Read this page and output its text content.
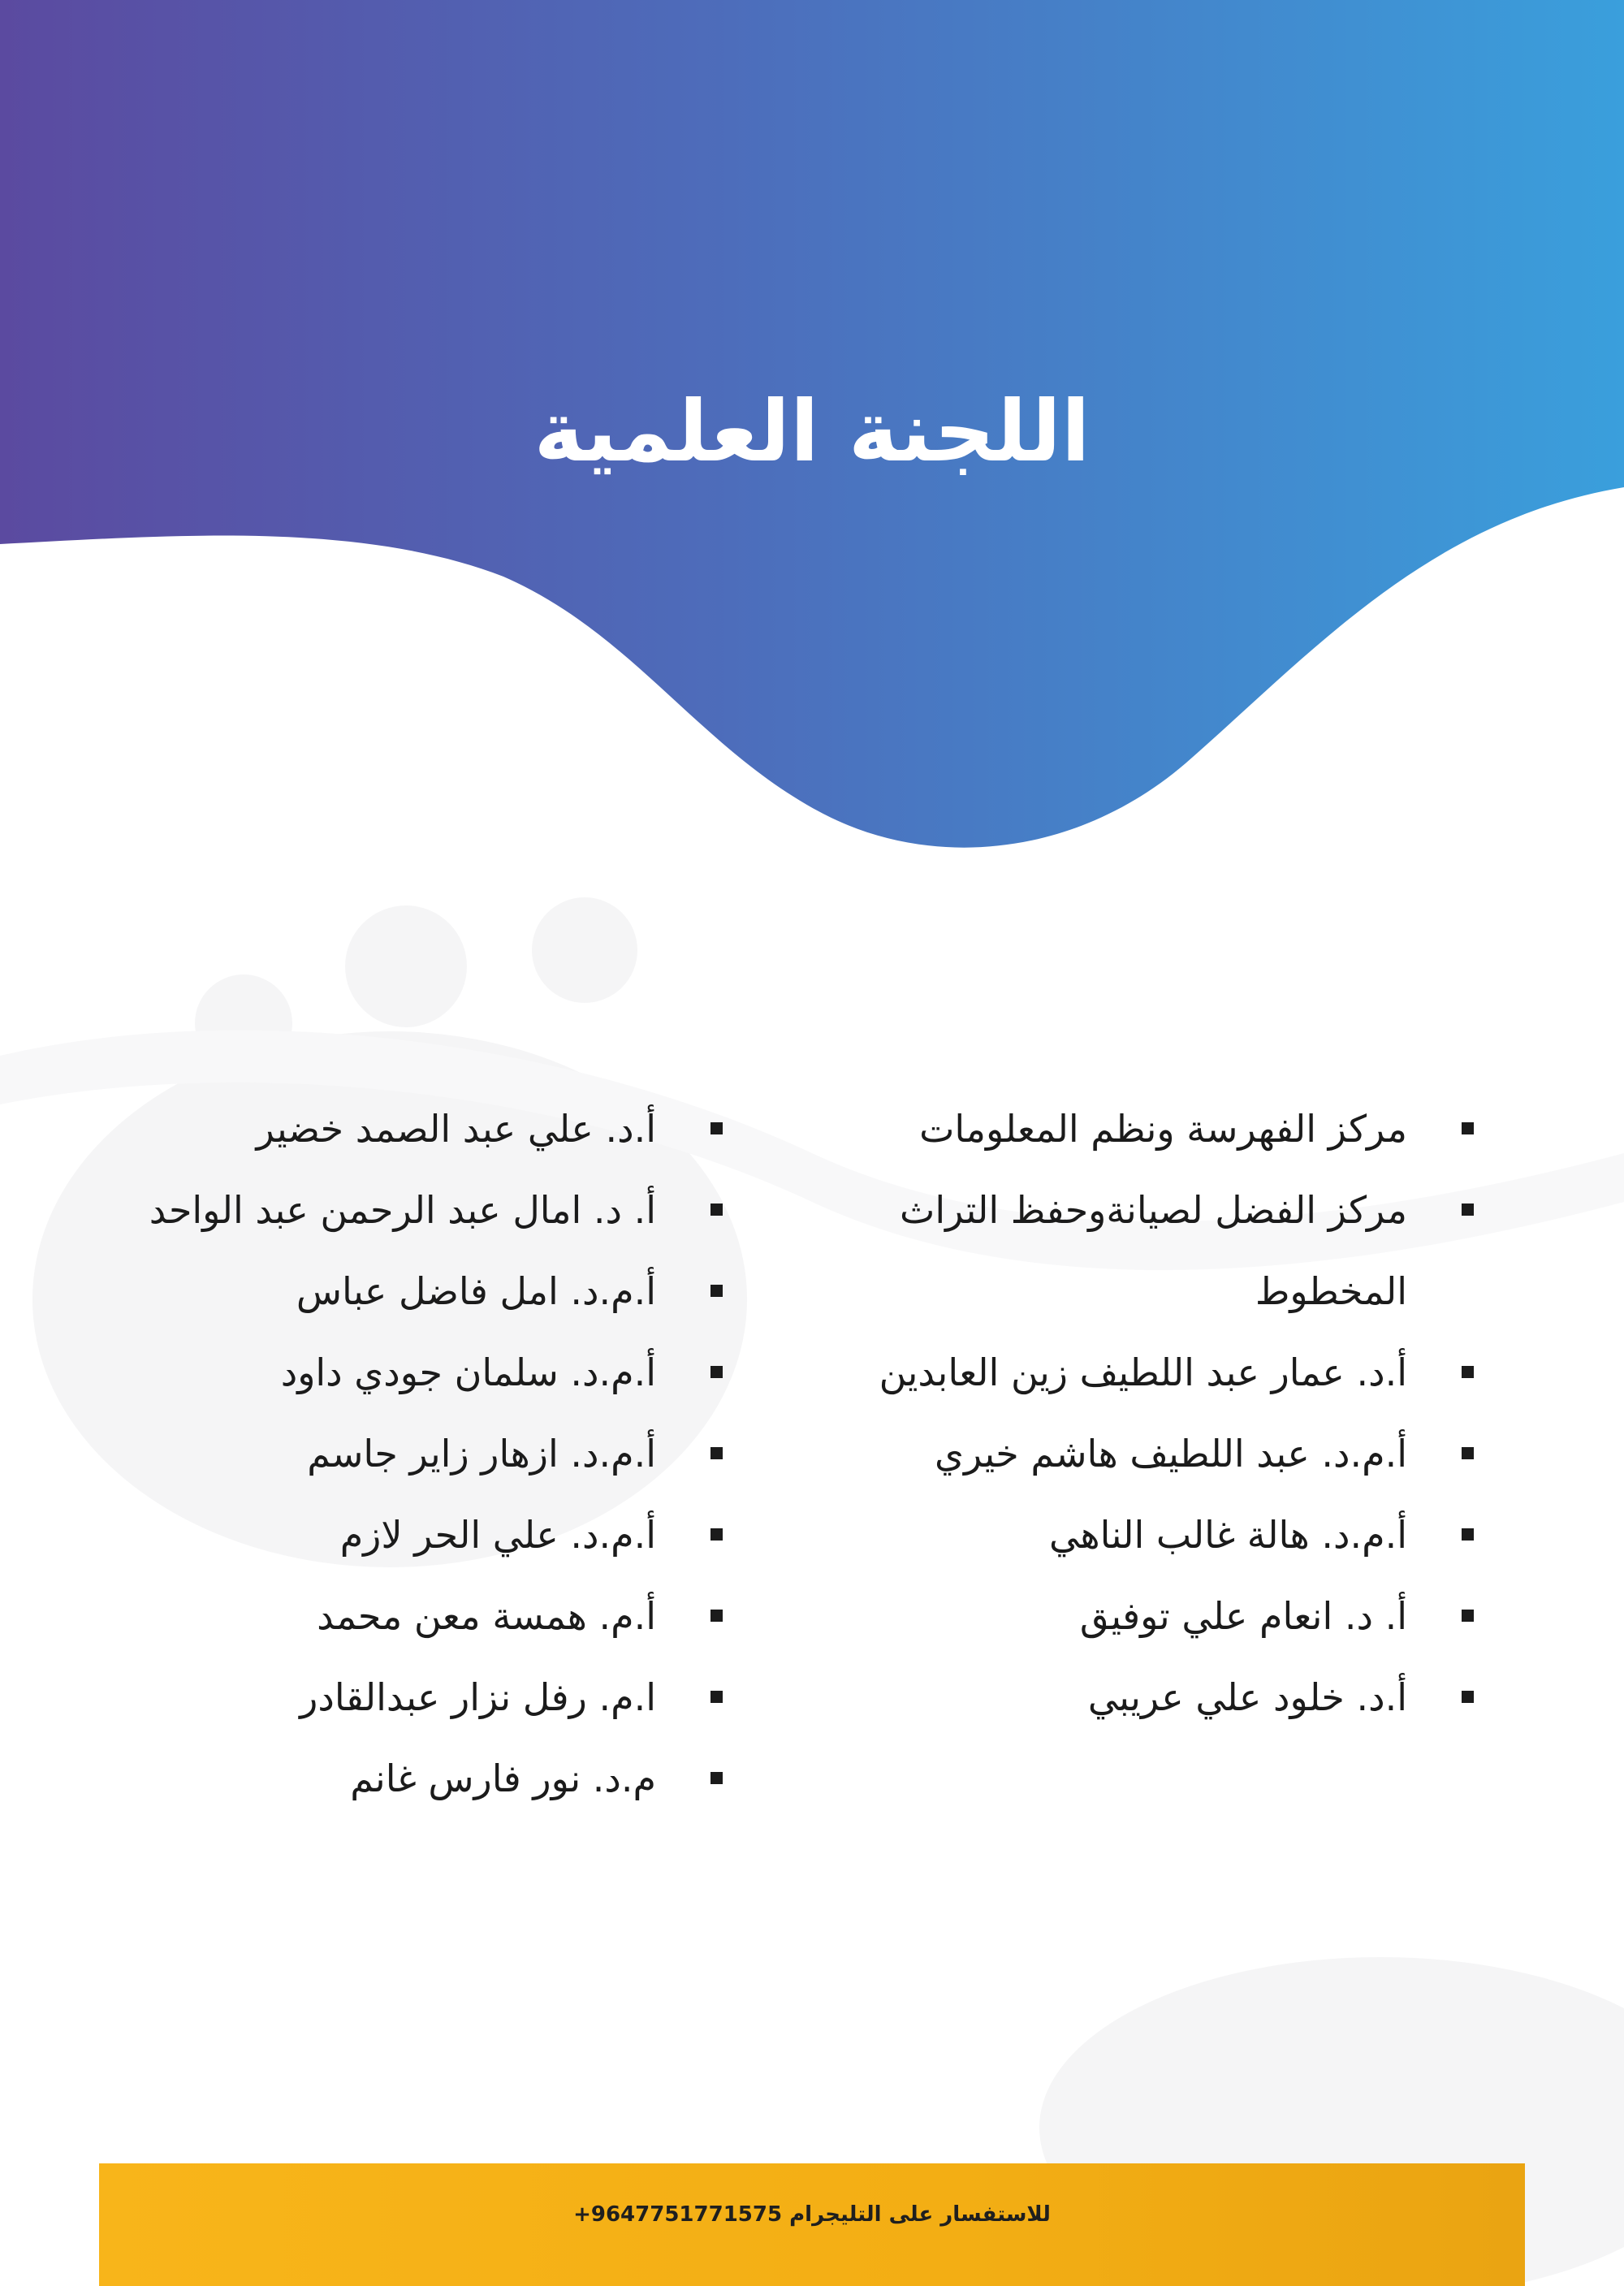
اللجنة العلمية
مركز الفهرسة ونظم المعلومات
مركز الفضل لصيانةوحفظ التراث
المخطوط
أ.د. عمار عبد اللطيف زين العابدين
أ.م.د. عبد اللطيف هاشم خيري
أ.م.د. هالة غالب الناهي
أ. د. انعام علي توفيق
أ.د. خلود علي عريبي
أ.د. علي عبد الصمد خضير
أ. د. امال عبد الرحمن عبد الواحد
أ.م.د. امل فاضل عباس
أ.م.د. سلمان جودي داود
أ.م.د. ازهار زاير جاسم
أ.م.د. علي الحر لازم
أ.م. همسة معن محمد
ا.م. رفل نزار عبدالقادر
م.د. نور فارس غانم
للاستفسار على التليجرام +9647751771575
